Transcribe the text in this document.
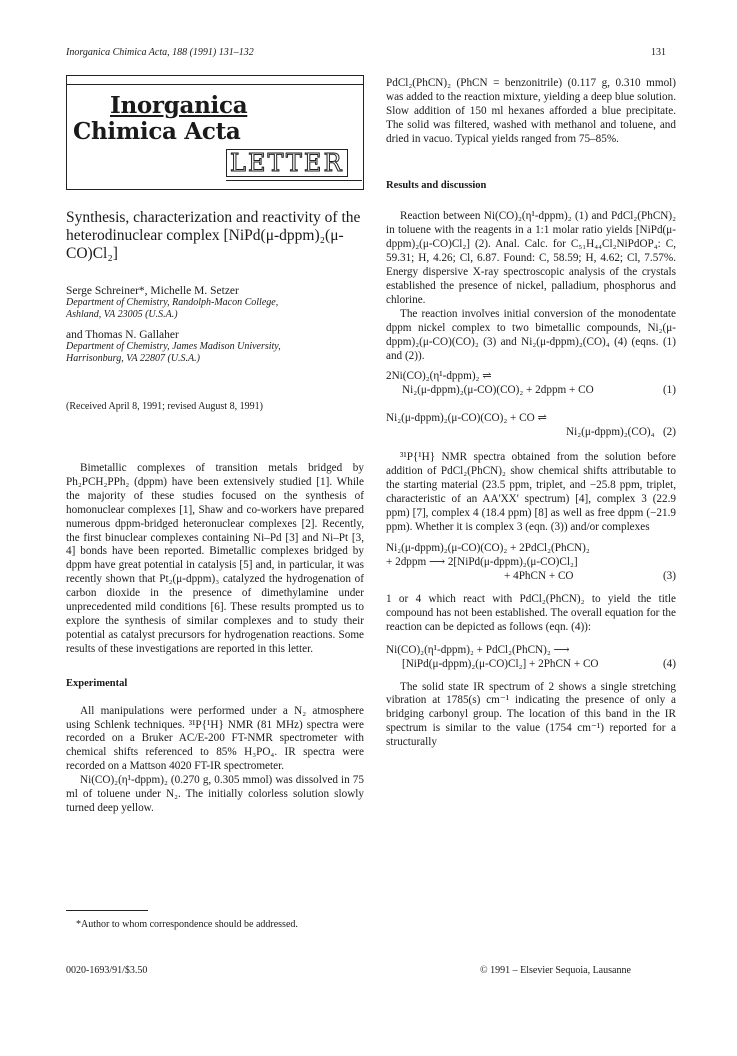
Inorganica Chimica Acta, 188 (1991) 131–132	131
Inorganica
Chimica Acta
LETTER
Synthesis, characterization and reactivity of the heterodinuclear complex [NiPd(μ-dppm)₂(μ-CO)Cl₂]
Serge Schreiner*, Michelle M. Setzer
Department of Chemistry, Randolph-Macon College,
Ashland, VA 23005 (U.S.A.)
and Thomas N. Gallaher
Department of Chemistry, James Madison University,
Harrisonburg, VA 22807 (U.S.A.)
(Received April 8, 1991; revised August 8, 1991)

Bimetallic complexes of transition metals bridged by Ph₂PCH₂PPh₂ (dppm) have been extensively studied [1]. While the majority of these studies focused on the synthesis of homonuclear complexes [1], Shaw and co-workers have prepared numerous dppm-bridged heteronuclear complexes [2]. Recently, the first binuclear complexes containing Ni–Pd [3] and Ni–Pt [3, 4] bonds have been reported. Bimetallic complexes bridged by dppm have great potential in catalysis [5] and, in particular, it was recently shown that Pt₂(μ-dppm)₃ catalyzed the hydrogenation of carbon dioxide in the presence of dimethylamine under unprecedented mild conditions [6]. These results prompted us to explore the synthesis of similar complexes and to study their potential as catalyst precursors for hydrogenation reactions. Some results of these investigations are reported in this letter.

Experimental

All manipulations were performed under a N₂ atmosphere using Schlenk techniques. ³¹P{¹H} NMR (81 MHz) spectra were recorded on a Bruker AC/E-200 FT-NMR spectrometer with chemical shifts referenced to 85% H₃PO₄. IR spectra were recorded on a Mattson 4020 FT-IR spectrometer.

Ni(CO)₂(η¹-dppm)₂ (0.270 g, 0.305 mmol) was dissolved in 75 ml of toluene under N₂. The initially colorless solution slowly turned deep yellow.

*Author to whom correspondence should be addressed.

PdCl₂(PhCN)₂ (PhCN = benzonitrile) (0.117 g, 0.310 mmol) was added to the reaction mixture, yielding a deep blue solution. Slow addition of 150 ml hexanes afforded a blue precipitate. The solid was filtered, washed with methanol and toluene, and dried in vacuo. Typical yields ranged from 75–85%.

Results and discussion

Reaction between Ni(CO)₂(η¹-dppm)₂ (1) and PdCl₂(PhCN)₂ in toluene with the reagents in a 1:1 molar ratio yields [NiPd(μ-dppm)₂(μ-CO)Cl₂] (2). Anal. Calc. for C₅₁H₄₄Cl₂NiPdOP₄: C, 59.31; H, 4.26; Cl, 6.87. Found: C, 58.59; H, 4.62; Cl, 7.57%. Energy dispersive X-ray spectroscopic analysis of the crystals established the presence of nickel, palladium, phosphorus and chlorine.

The reaction involves initial conversion of the monodentate dppm nickel complex to two bimetallic compounds, Ni₂(μ-dppm)₂(μ-CO)(CO)₂ (3) and Ni₂(μ-dppm)₂(CO)₄ (4) (eqns. (1) and (2)).

2Ni(CO)₂(η¹-dppm)₂ ⇌
Ni₂(μ-dppm)₂(μ-CO)(CO)₂ + 2dppm + CO	(1)
Ni₂(μ-dppm)₂(μ-CO)(CO)₂ + CO ⇌
Ni₂(μ-dppm)₂(CO)₄ (2)

³¹P{¹H} NMR spectra obtained from the solution before addition of PdCl₂(PhCN)₂ show chemical shifts attributable to the starting material (23.5 ppm, triplet, and −25.8 ppm, triplet, characteristic of an AA'XX' spectrum) [4], complex 3 (22.9 ppm) [7], complex 4 (18.4 ppm) [8] as well as free dppm (−21.9 ppm). Whether it is complex 3 (eqn. (3)) and/or complexes

Ni₂(μ-dppm)₂(μ-CO)(CO)₂ + 2PdCl₂(PhCN)₂
+ 2dppm ⟶ 2[NiPd(μ-dppm)₂(μ-CO)Cl₂]
+ 4PhCN + CO	(3)

1 or 4 which react with PdCl₂(PhCN)₂ to yield the title compound has not been established. The overall equation for the reaction can be depicted as follows (eqn. (4)):

Ni(CO)₂(η¹-dppm)₂ + PdCl₂(PhCN)₂ ⟶
[NiPd(μ-dppm)₂(μ-CO)Cl₂] + 2PhCN + CO	(4)

The solid state IR spectrum of 2 shows a single stretching vibration at 1785(s) cm⁻¹ indicating the presence of only a bridging carbonyl group. The location of this band in the IR spectrum is similar to the value (1754 cm⁻¹) reported for a structurally

0020-1693/91/$3.50	© 1991 – Elsevier Sequoia, Lausanne
